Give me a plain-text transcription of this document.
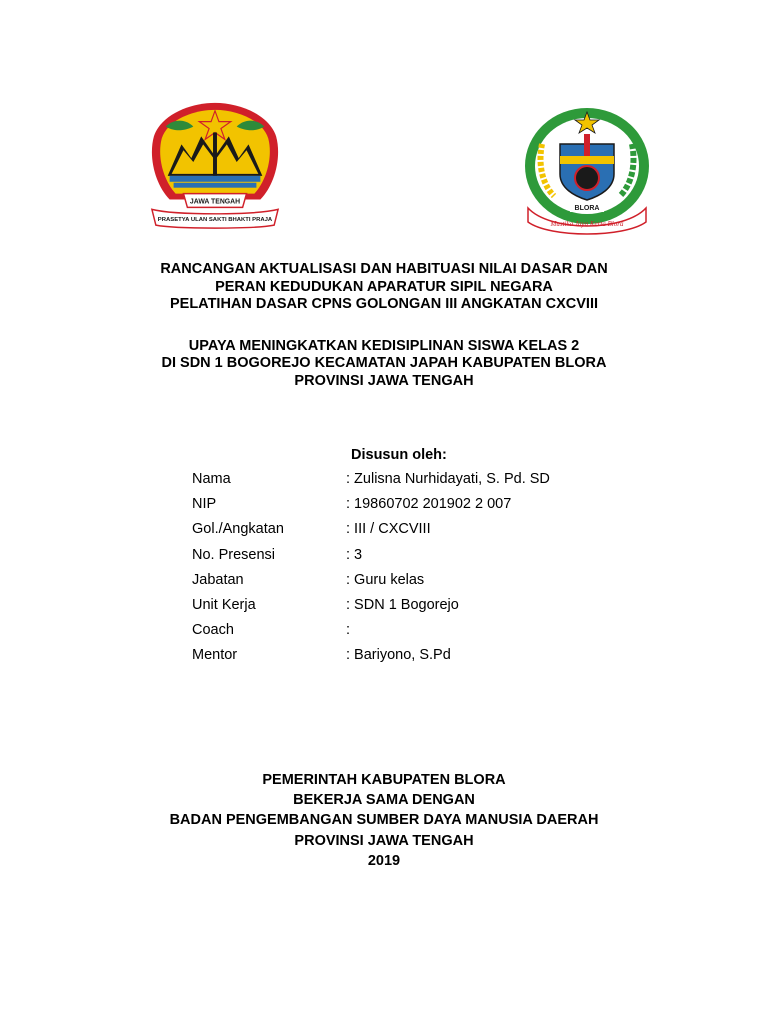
JAWA TENGAH
PRASETYA ULAN SAKTI BHAKTI PRAJA
BLORA
Mustika Jaya Kerta Blora
RANCANGAN AKTUALISASI DAN HABITUASI NILAI DASAR DAN
PERAN KEDUDUKAN APARATUR SIPIL NEGARA
PELATIHAN DASAR CPNS GOLONGAN III ANGKATAN CXCVIII
UPAYA MENINGKATKAN KEDISIPLINAN SISWA KELAS 2
DI SDN 1 BOGOREJO KECAMATAN JAPAH KABUPATEN BLORA
PROVINSI JAWA TENGAH
Disusun oleh:
Nama	: Zulisna Nurhidayati, S. Pd. SD
NIP	: 19860702 201902 2 007
Gol./Angkatan	: III / CXCVIII
No. Presensi	: 3
Jabatan	: Guru kelas
Unit Kerja	: SDN 1 Bogorejo
Coach	:
Mentor	: Bariyono, S.Pd
PEMERINTAH KABUPATEN BLORA
BEKERJA SAMA DENGAN
BADAN PENGEMBANGAN SUMBER DAYA MANUSIA DAERAH
PROVINSI JAWA TENGAH
2019
